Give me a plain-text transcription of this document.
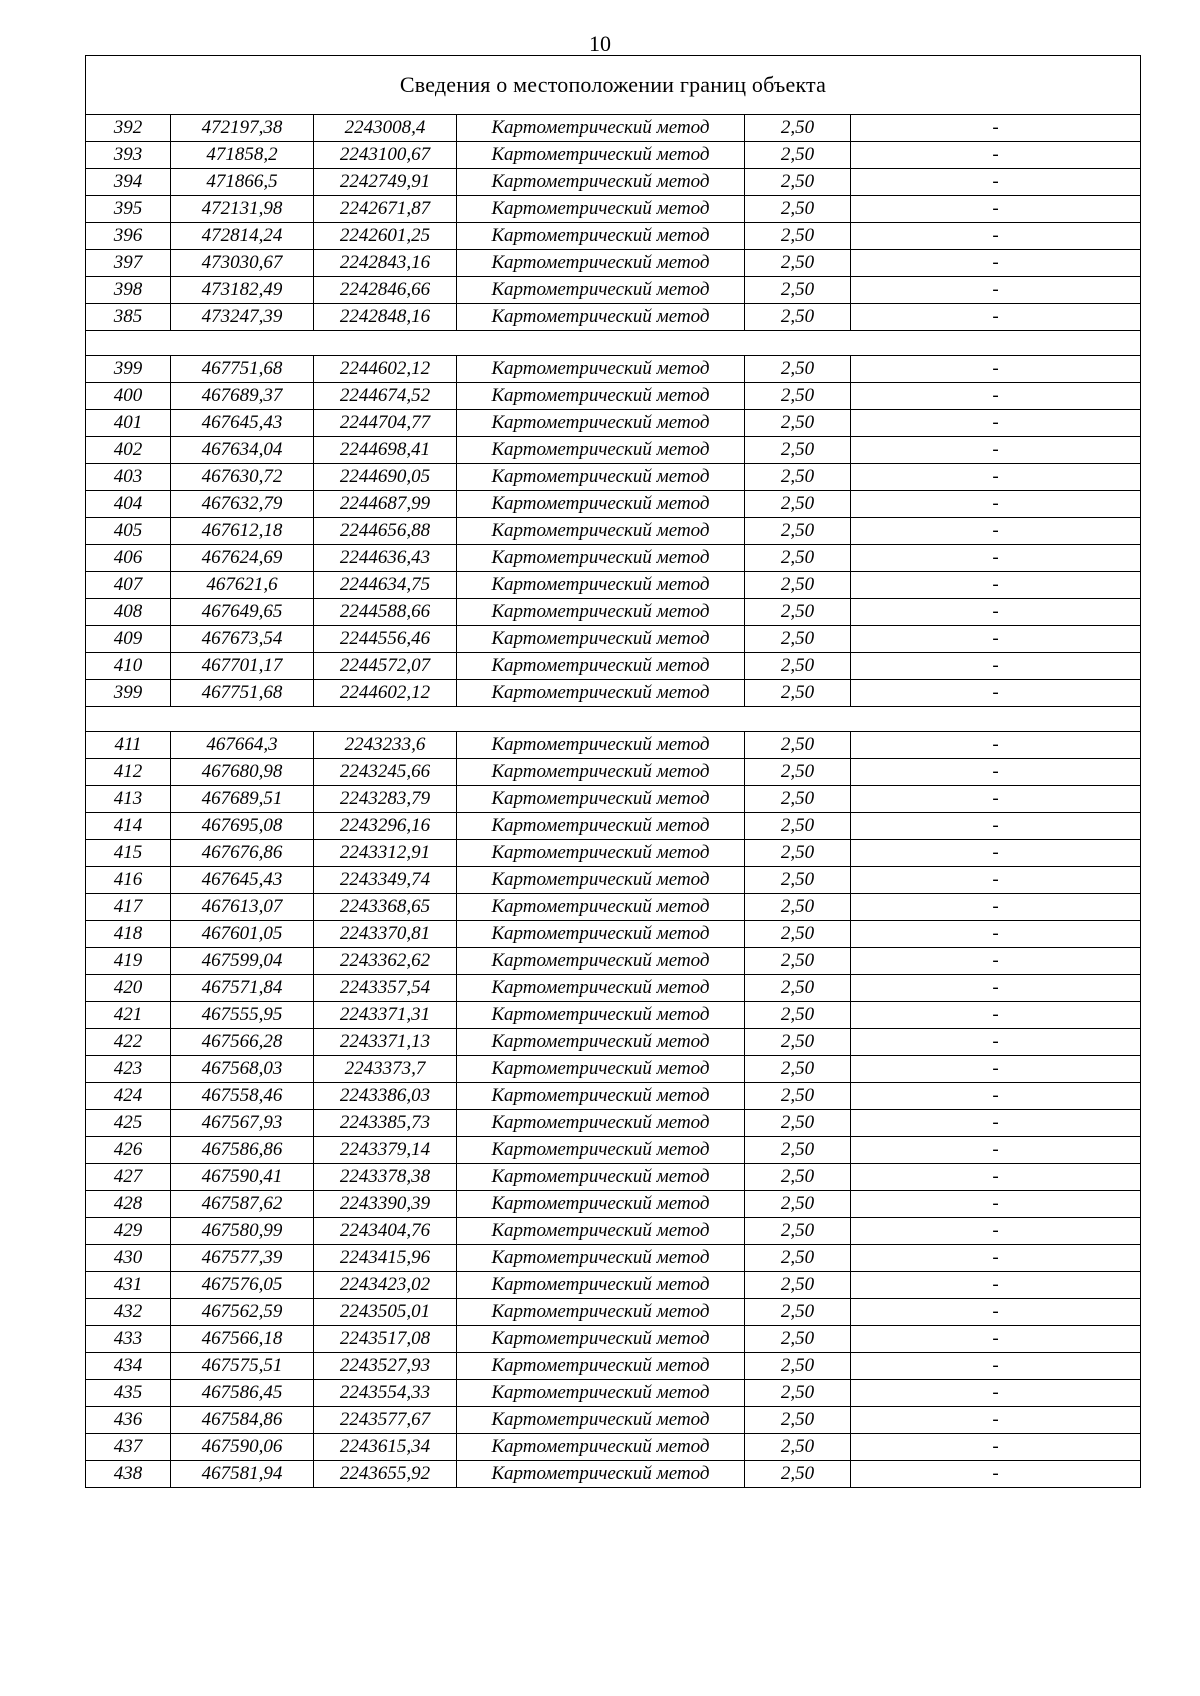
10
Сведения о местоположении границ объекта					
392	472197,38	2243008,4	Картометрический метод	2,50	-
393	471858,2	2243100,67	Картометрический метод	2,50	-
394	471866,5	2242749,91	Картометрический метод	2,50	-
395	472131,98	2242671,87	Картометрический метод	2,50	-
396	472814,24	2242601,25	Картометрический метод	2,50	-
397	473030,67	2242843,16	Картометрический метод	2,50	-
398	473182,49	2242846,66	Картометрический метод	2,50	-
385	473247,39	2242848,16	Картометрический метод	2,50	-

399	467751,68	2244602,12	Картометрический метод	2,50	-
400	467689,37	2244674,52	Картометрический метод	2,50	-
401	467645,43	2244704,77	Картометрический метод	2,50	-
402	467634,04	2244698,41	Картометрический метод	2,50	-
403	467630,72	2244690,05	Картометрический метод	2,50	-
404	467632,79	2244687,99	Картометрический метод	2,50	-
405	467612,18	2244656,88	Картометрический метод	2,50	-
406	467624,69	2244636,43	Картометрический метод	2,50	-
407	467621,6	2244634,75	Картометрический метод	2,50	-
408	467649,65	2244588,66	Картометрический метод	2,50	-
409	467673,54	2244556,46	Картометрический метод	2,50	-
410	467701,17	2244572,07	Картометрический метод	2,50	-
399	467751,68	2244602,12	Картометрический метод	2,50	-

411	467664,3	2243233,6	Картометрический метод	2,50	-
412	467680,98	2243245,66	Картометрический метод	2,50	-
413	467689,51	2243283,79	Картометрический метод	2,50	-
414	467695,08	2243296,16	Картометрический метод	2,50	-
415	467676,86	2243312,91	Картометрический метод	2,50	-
416	467645,43	2243349,74	Картометрический метод	2,50	-
417	467613,07	2243368,65	Картометрический метод	2,50	-
418	467601,05	2243370,81	Картометрический метод	2,50	-
419	467599,04	2243362,62	Картометрический метод	2,50	-
420	467571,84	2243357,54	Картометрический метод	2,50	-
421	467555,95	2243371,31	Картометрический метод	2,50	-
422	467566,28	2243371,13	Картометрический метод	2,50	-
423	467568,03	2243373,7	Картометрический метод	2,50	-
424	467558,46	2243386,03	Картометрический метод	2,50	-
425	467567,93	2243385,73	Картометрический метод	2,50	-
426	467586,86	2243379,14	Картометрический метод	2,50	-
427	467590,41	2243378,38	Картометрический метод	2,50	-
428	467587,62	2243390,39	Картометрический метод	2,50	-
429	467580,99	2243404,76	Картометрический метод	2,50	-
430	467577,39	2243415,96	Картометрический метод	2,50	-
431	467576,05	2243423,02	Картометрический метод	2,50	-
432	467562,59	2243505,01	Картометрический метод	2,50	-
433	467566,18	2243517,08	Картометрический метод	2,50	-
434	467575,51	2243527,93	Картометрический метод	2,50	-
435	467586,45	2243554,33	Картометрический метод	2,50	-
436	467584,86	2243577,67	Картометрический метод	2,50	-
437	467590,06	2243615,34	Картометрический метод	2,50	-
438	467581,94	2243655,92	Картометрический метод	2,50	-
